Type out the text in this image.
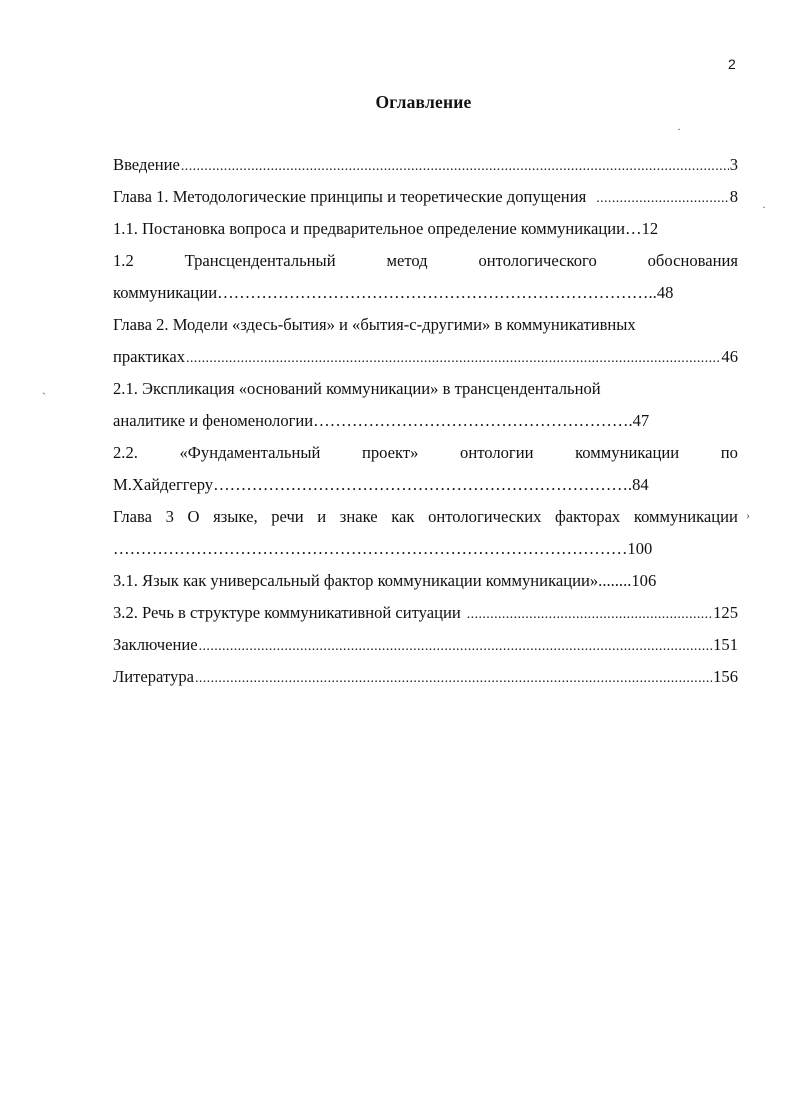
2
Оглавление
Введение .....	3
Глава 1. Методологические принципы и теоретические допущения .....	8
1.1. Постановка вопроса и предварительное определение коммуникации… 12
1.2	Трансцендентальный	метод	онтологического	обоснования
коммуникации…………………………………………………………………….. 48
Глава 2. Модели «здесь-бытия» и «бытия-с-другими» в коммуникативных
практиках .....	46
2.1. Экспликация «оснований коммуникации» в трансцендентальной
аналитике и феноменологии…………………………………………………. 47
2.2.	«Фундаментальный	проект»	онтологии	коммуникации	по
М.Хайдеггеру…………………………………………………………………. 84
Глава 3 О языке, речи и знаке как онтологических факторах коммуникации
………………………………………………………………………………… 100
3.1. Язык как универсальный фактор коммуникации коммуникации»........ 106
3.2. Речь в структуре коммуникативной ситуации .....	125
Заключение .....	151
Литература .....	156
·
·
ˋ
›
